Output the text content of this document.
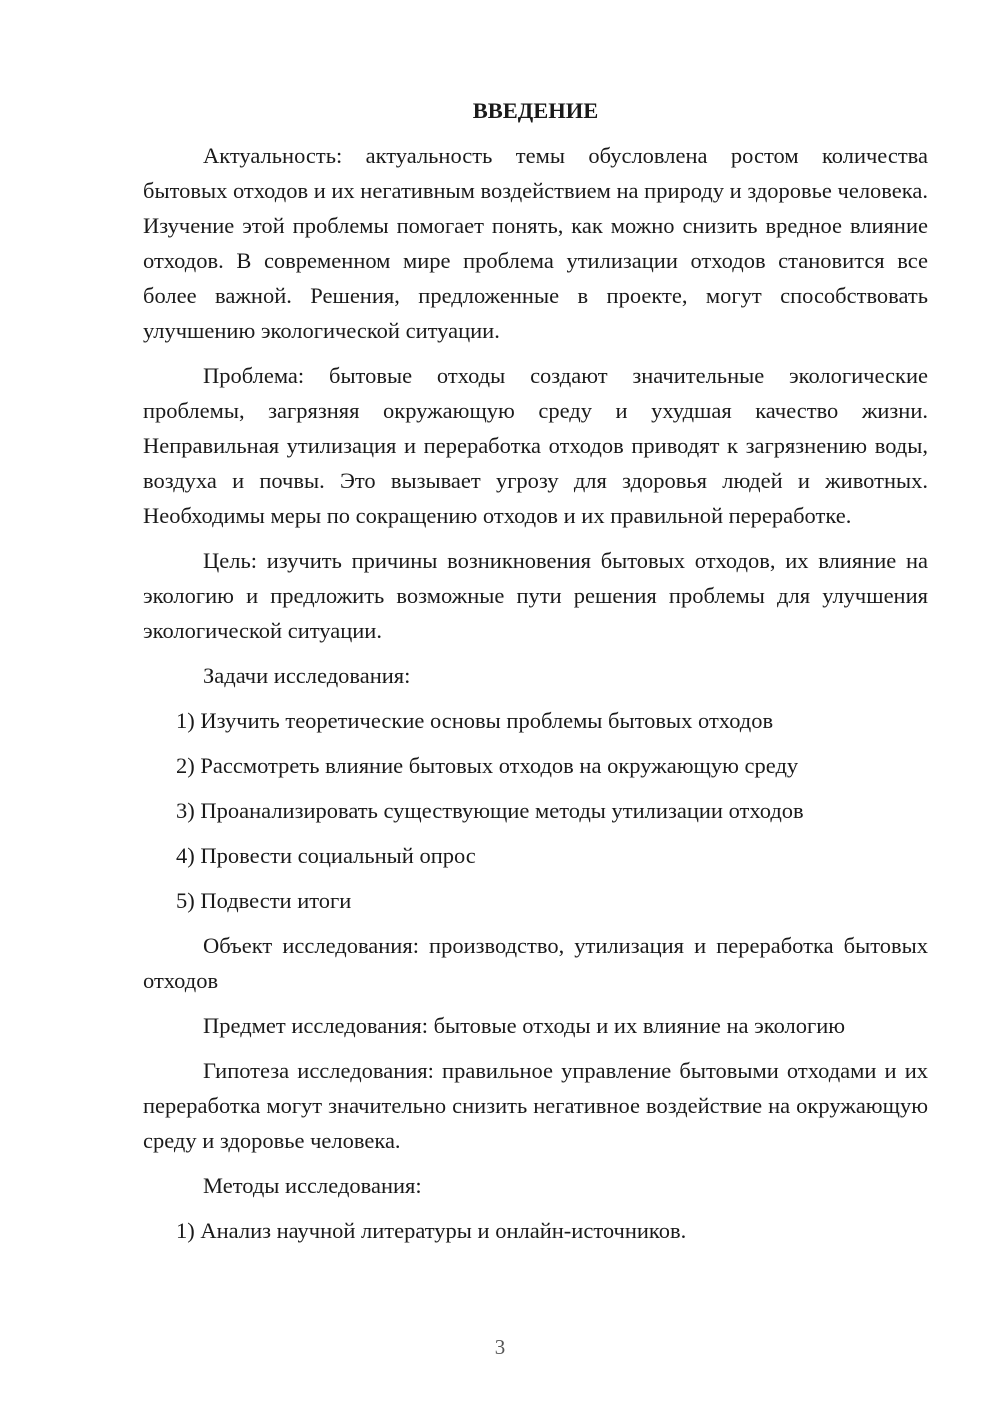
ВВЕДЕНИЕ

Актуальность: актуальность темы обусловлена ростом количества бытовых отходов и их негативным воздействием на природу и здоровье человека. Изучение этой проблемы помогает понять, как можно снизить вредное влияние отходов. В современном мире проблема утилизации отходов становится все более важной. Решения, предложенные в проекте, могут способствовать улучшению экологической ситуации.

Проблема: бытовые отходы создают значительные экологические проблемы, загрязняя окружающую среду и ухудшая качество жизни. Неправильная утилизация и переработка отходов приводят к загрязнению воды, воздуха и почвы. Это вызывает угрозу для здоровья людей и животных. Необходимы меры по сокращению отходов и их правильной переработке.

Цель: изучить причины возникновения бытовых отходов, их влияние на экологию и предложить возможные пути решения проблемы для улучшения экологической ситуации.

Задачи исследования:

1) Изучить теоретические основы проблемы бытовых отходов

2) Рассмотреть влияние бытовых отходов на окружающую среду

3) Проанализировать существующие методы утилизации отходов

4) Провести социальный опрос

5) Подвести итоги

Объект исследования: производство, утилизация и переработка бытовых отходов

Предмет исследования: бытовые отходы и их влияние на экологию

Гипотеза исследования: правильное управление бытовыми отходами и их переработка могут значительно снизить негативное воздействие на окружающую среду и здоровье человека.

Методы исследования:

1) Анализ научной литературы и онлайн-источников.

3
